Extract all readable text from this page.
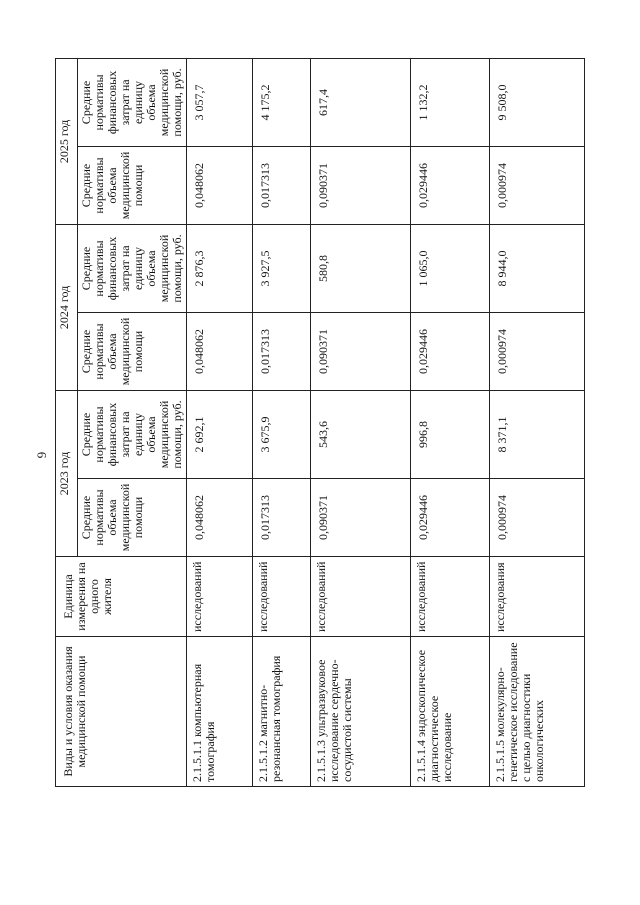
6
Виды и условия оказания медицинской помощи	Единица измерения на одного жителя	2023 год		2024 год		2025 год	
		Средние нормативы объема медицинской помощи	Средние нормативы финансовых затрат на единицу объема медицинской помощи, руб.	Средние нормативы объема медицинской помощи	Средние нормативы финансовых затрат на единицу объема медицинской помощи, руб.	Средние нормативы объема медицинской помощи	Средние нормативы финансовых затрат на единицу объема медицинской помощи, руб.
2.1.5.1.1 компьютерная томография	исследований	0,048062	2 692,1	0,048062	2 876,3	0,048062	3 057,7
2.1.5.1.2 магнитно-резонансная томография	исследований	0,017313	3 675,9	0,017313	3 927,5	0,017313	4 175,2
2.1.5.1.3 ультразвуковое исследование сердечно-сосудистой системы	исследований	0,090371	543,6	0,090371	580,8	0,090371	617,4
2.1.5.1.4 эндоскопическое диагностическое исследование	исследований	0,029446	996,8	0,029446	1 065,0	0,029446	1 132,2
2.1.5.1.5 молекулярно-генетическое исследование с целью диагностики онкологических	исследования	0,000974	8 371,1	0,000974	8 944,0	0,000974	9 508,0
